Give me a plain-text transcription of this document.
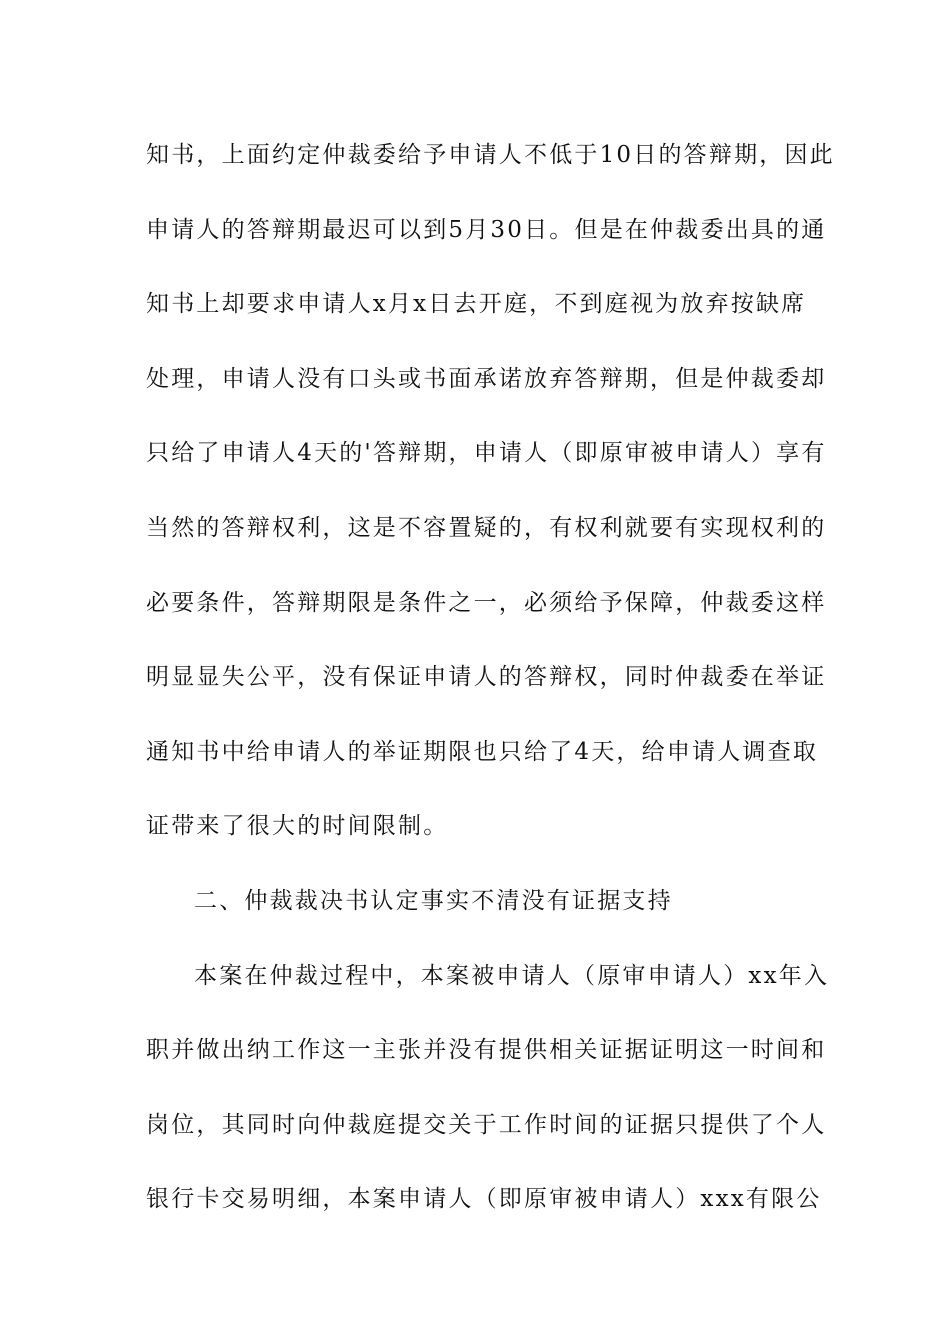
知书，上面约定仲裁委给予申请人不低于10日的答辩期，因此
申请人的答辩期最迟可以到5月30日。但是在仲裁委出具的通
知书上却要求申请人x月x日去开庭，不到庭视为放弃按缺席
处理，申请人没有口头或书面承诺放弃答辩期，但是仲裁委却
只给了申请人4天的'答辩期，申请人（即原审被申请人）享有
当然的答辩权利，这是不容置疑的，有权利就要有实现权利的
必要条件，答辩期限是条件之一，必须给予保障，仲裁委这样
明显显失公平，没有保证申请人的答辩权，同时仲裁委在举证
通知书中给申请人的举证期限也只给了4天，给申请人调查取
证带来了很大的时间限制。
二、仲裁裁决书认定事实不清没有证据支持
本案在仲裁过程中，本案被申请人（原审申请人）xx年入
职并做出纳工作这一主张并没有提供相关证据证明这一时间和
岗位，其同时向仲裁庭提交关于工作时间的证据只提供了个人
银行卡交易明细，本案申请人（即原审被申请人）xxx有限公
